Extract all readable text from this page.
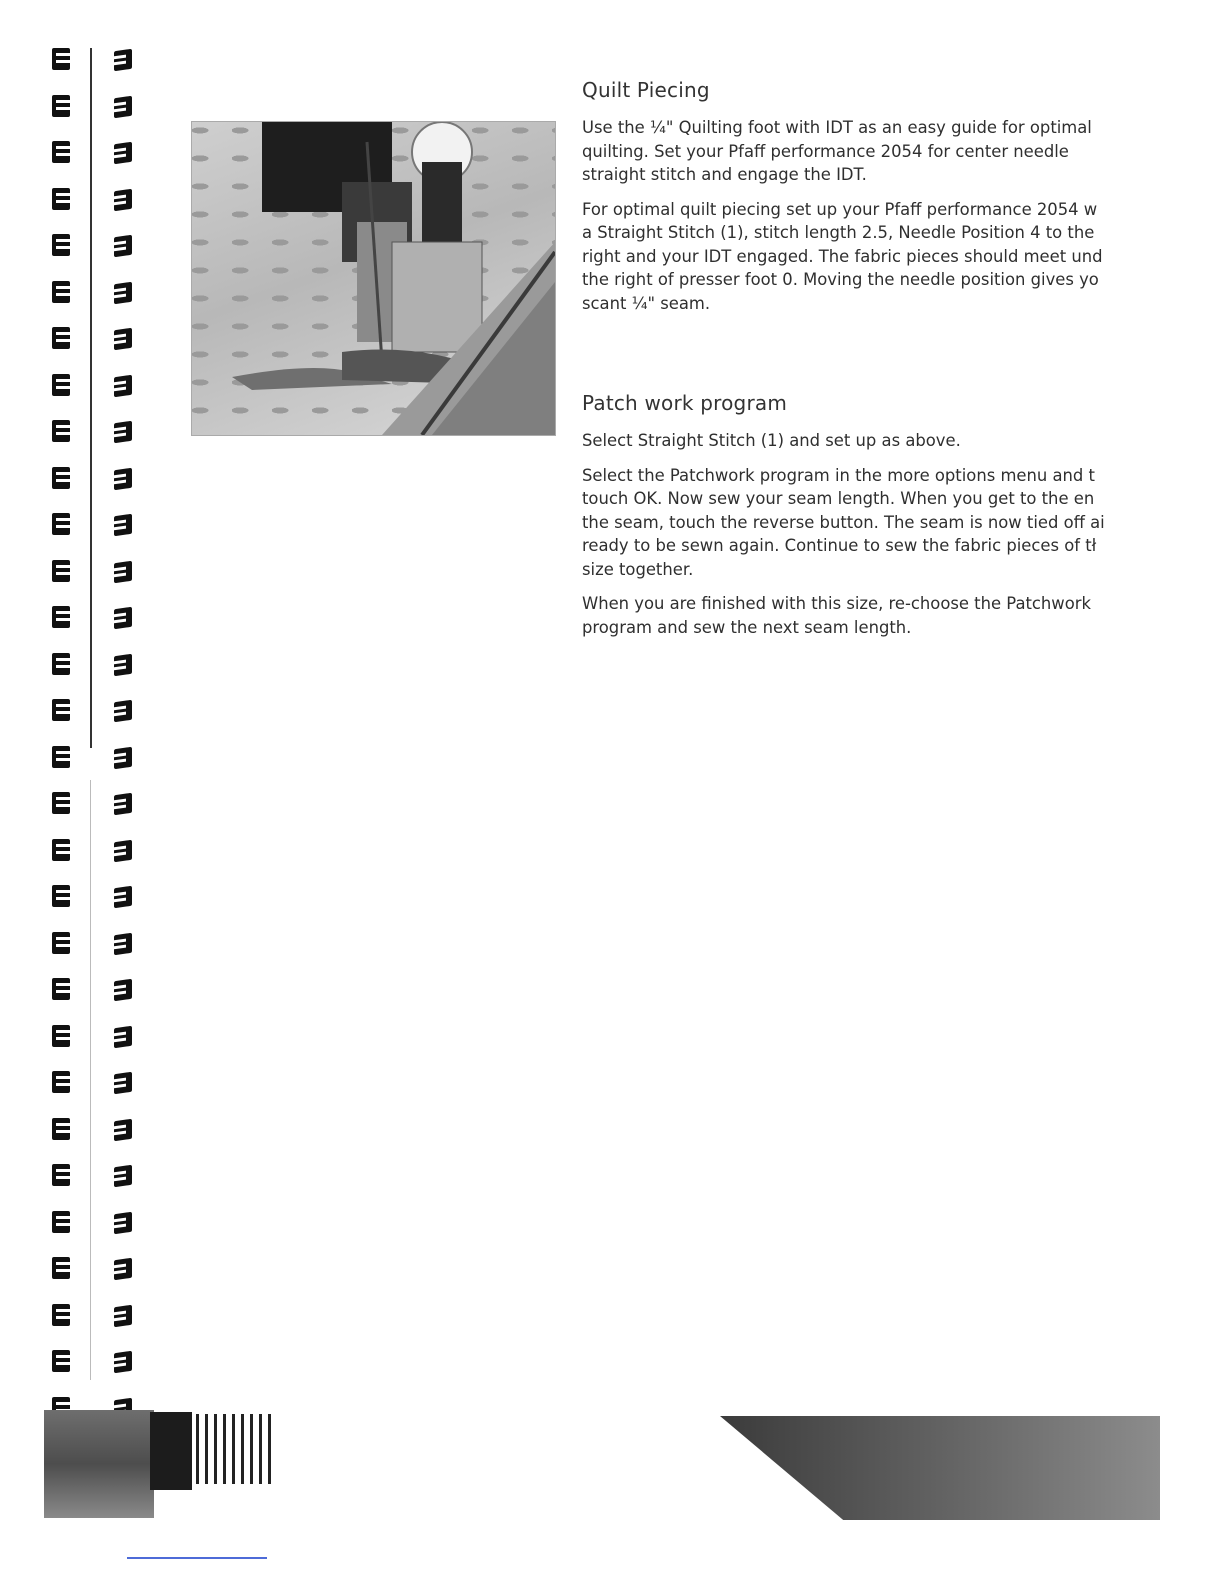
Quilt Piecing

Use the ¼" Quilting foot with IDT as an easy guide for optimal
quilting. Set your Pfaff performance 2054 for center needle
straight stitch and engage the IDT.

For optimal quilt piecing set up your Pfaff performance 2054 w
a Straight Stitch (1), stitch length 2.5, Needle Position 4 to the
right and your IDT engaged. The fabric pieces should meet und
the right of presser foot 0. Moving the needle position gives yo
scant ¼" seam.

Patch work program

Select Straight Stitch (1) and set up as above.

Select the Patchwork program in the more options menu and t
touch OK. Now sew your seam length. When you get to the en
the seam, touch the reverse button. The seam is now tied off ai
ready to be sewn again. Continue to sew the fabric pieces of tł
size together.

When you are finished with this size, re-choose the Patchwork
program and sew the next seam length.
